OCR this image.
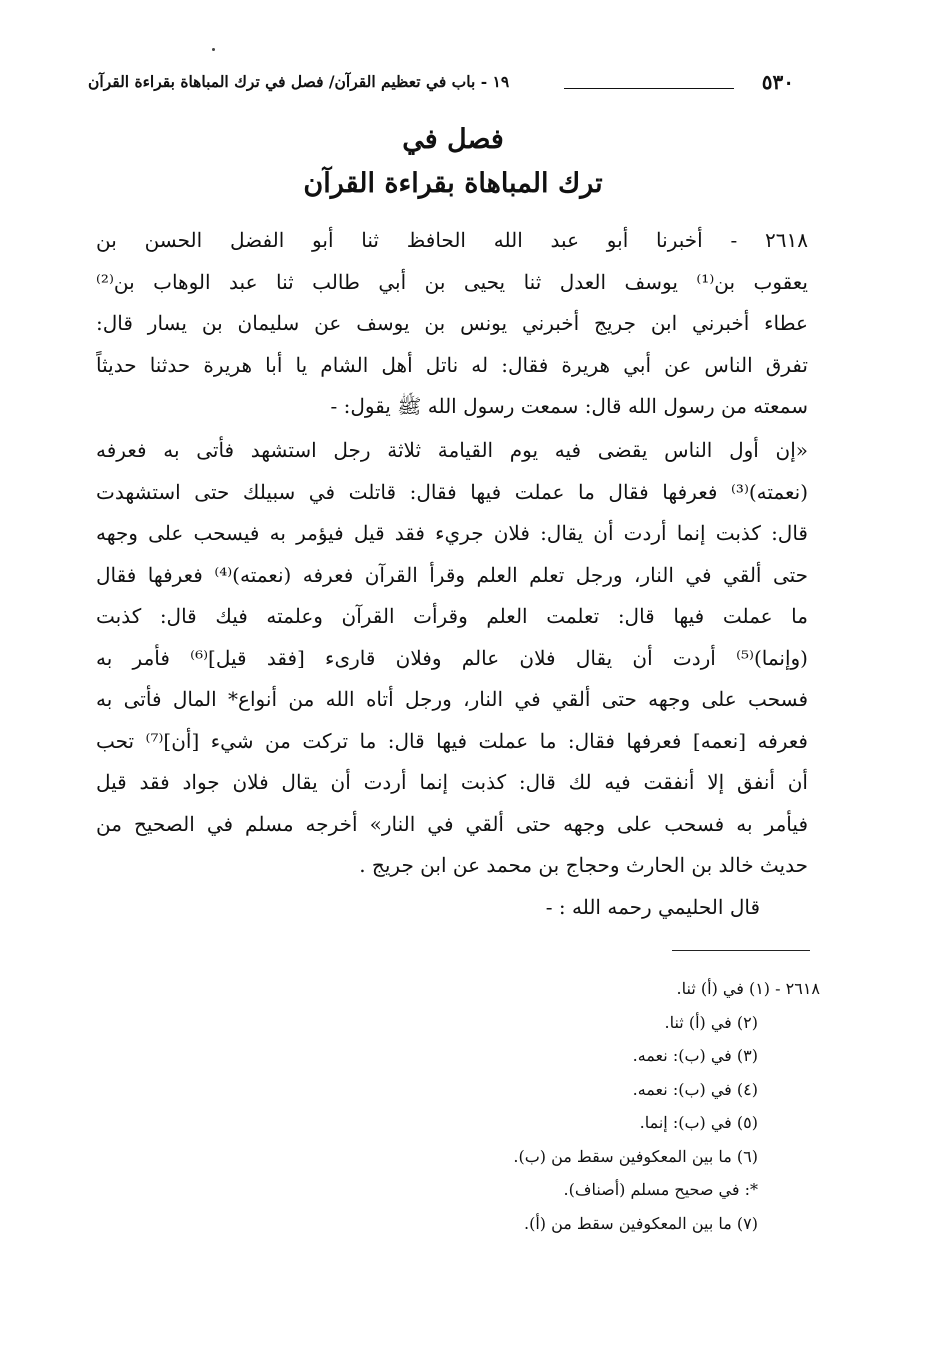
٥٣٠
١٩ - باب في تعظيم القرآن/ فصل في ترك المباهاة بقراءة القرآن
فصل في
ترك المباهاة بقراءة القرآن
٢٦١٨ - أخبرنا أبو عبد الله الحافظ ثنا أبو الفضل الحسن بن
يعقوب بن⁽¹⁾ يوسف العدل ثنا يحيى بن أبي طالب ثنا عبد الوهاب بن⁽²⁾
عطاء أخبرني ابن جريج أخبرني يونس بن يوسف عن سليمان بن يسار قال:
تفرق الناس عن أبي هريرة فقال: له ناتل أهل الشام يا أبا هريرة حدثنا حديثاً
سمعته من رسول الله قال: سمعت رسول الله ﷺ يقول: -
«إن أول الناس يقضى فيه يوم القيامة ثلاثة رجل استشهد فأتى به فعرفه
(نعمته)⁽³⁾ فعرفها فقال ما عملت فيها فقال: قاتلت في سبيلك حتى استشهدت
قال: كذبت إنما أردت أن يقال: فلان جريء فقد قيل فيؤمر به فيسحب على وجهه
حتى ألقي في النار، ورجل تعلم العلم وقرأ القرآن فعرفه (نعمته)⁽⁴⁾ فعرفها فقال
ما عملت فيها قال: تعلمت العلم وقرأت القرآن وعلمته فيك قال: كذبت
(وإنما)⁽⁵⁾ أردت أن يقال فلان عالم وفلان قارىء [فقد قيل]⁽⁶⁾ فأمر به
فسحب على وجهه حتى ألقي في النار، ورجل أتاه الله من أنواع* المال فأتى به
فعرفه [نعمه] فعرفها فقال: ما عملت فيها قال: ما تركت من شيء [أن]⁽⁷⁾ تحب
أن أنفق إلا أنفقت فيه لك قال: كذبت إنما أردت أن يقال فلان جواد فقد قيل
فيأمر به فسحب على وجهه حتى ألقي في النار» أخرجه مسلم في الصحيح من
حديث خالد بن الحارث وحجاج بن محمد عن ابن جريج .
قال الحليمي رحمه الله : -
٢٦١٨ - (١) في (أ) ثنا.
(٢) في (أ) ثنا.
(٣) في (ب): نعمه.
(٤) في (ب): نعمه.
(٥) في (ب): إنما.
(٦) ما بين المعكوفين سقط من (ب).
*: في صحيح مسلم (أصناف).
(٧) ما بين المعكوفين سقط من (أ).
